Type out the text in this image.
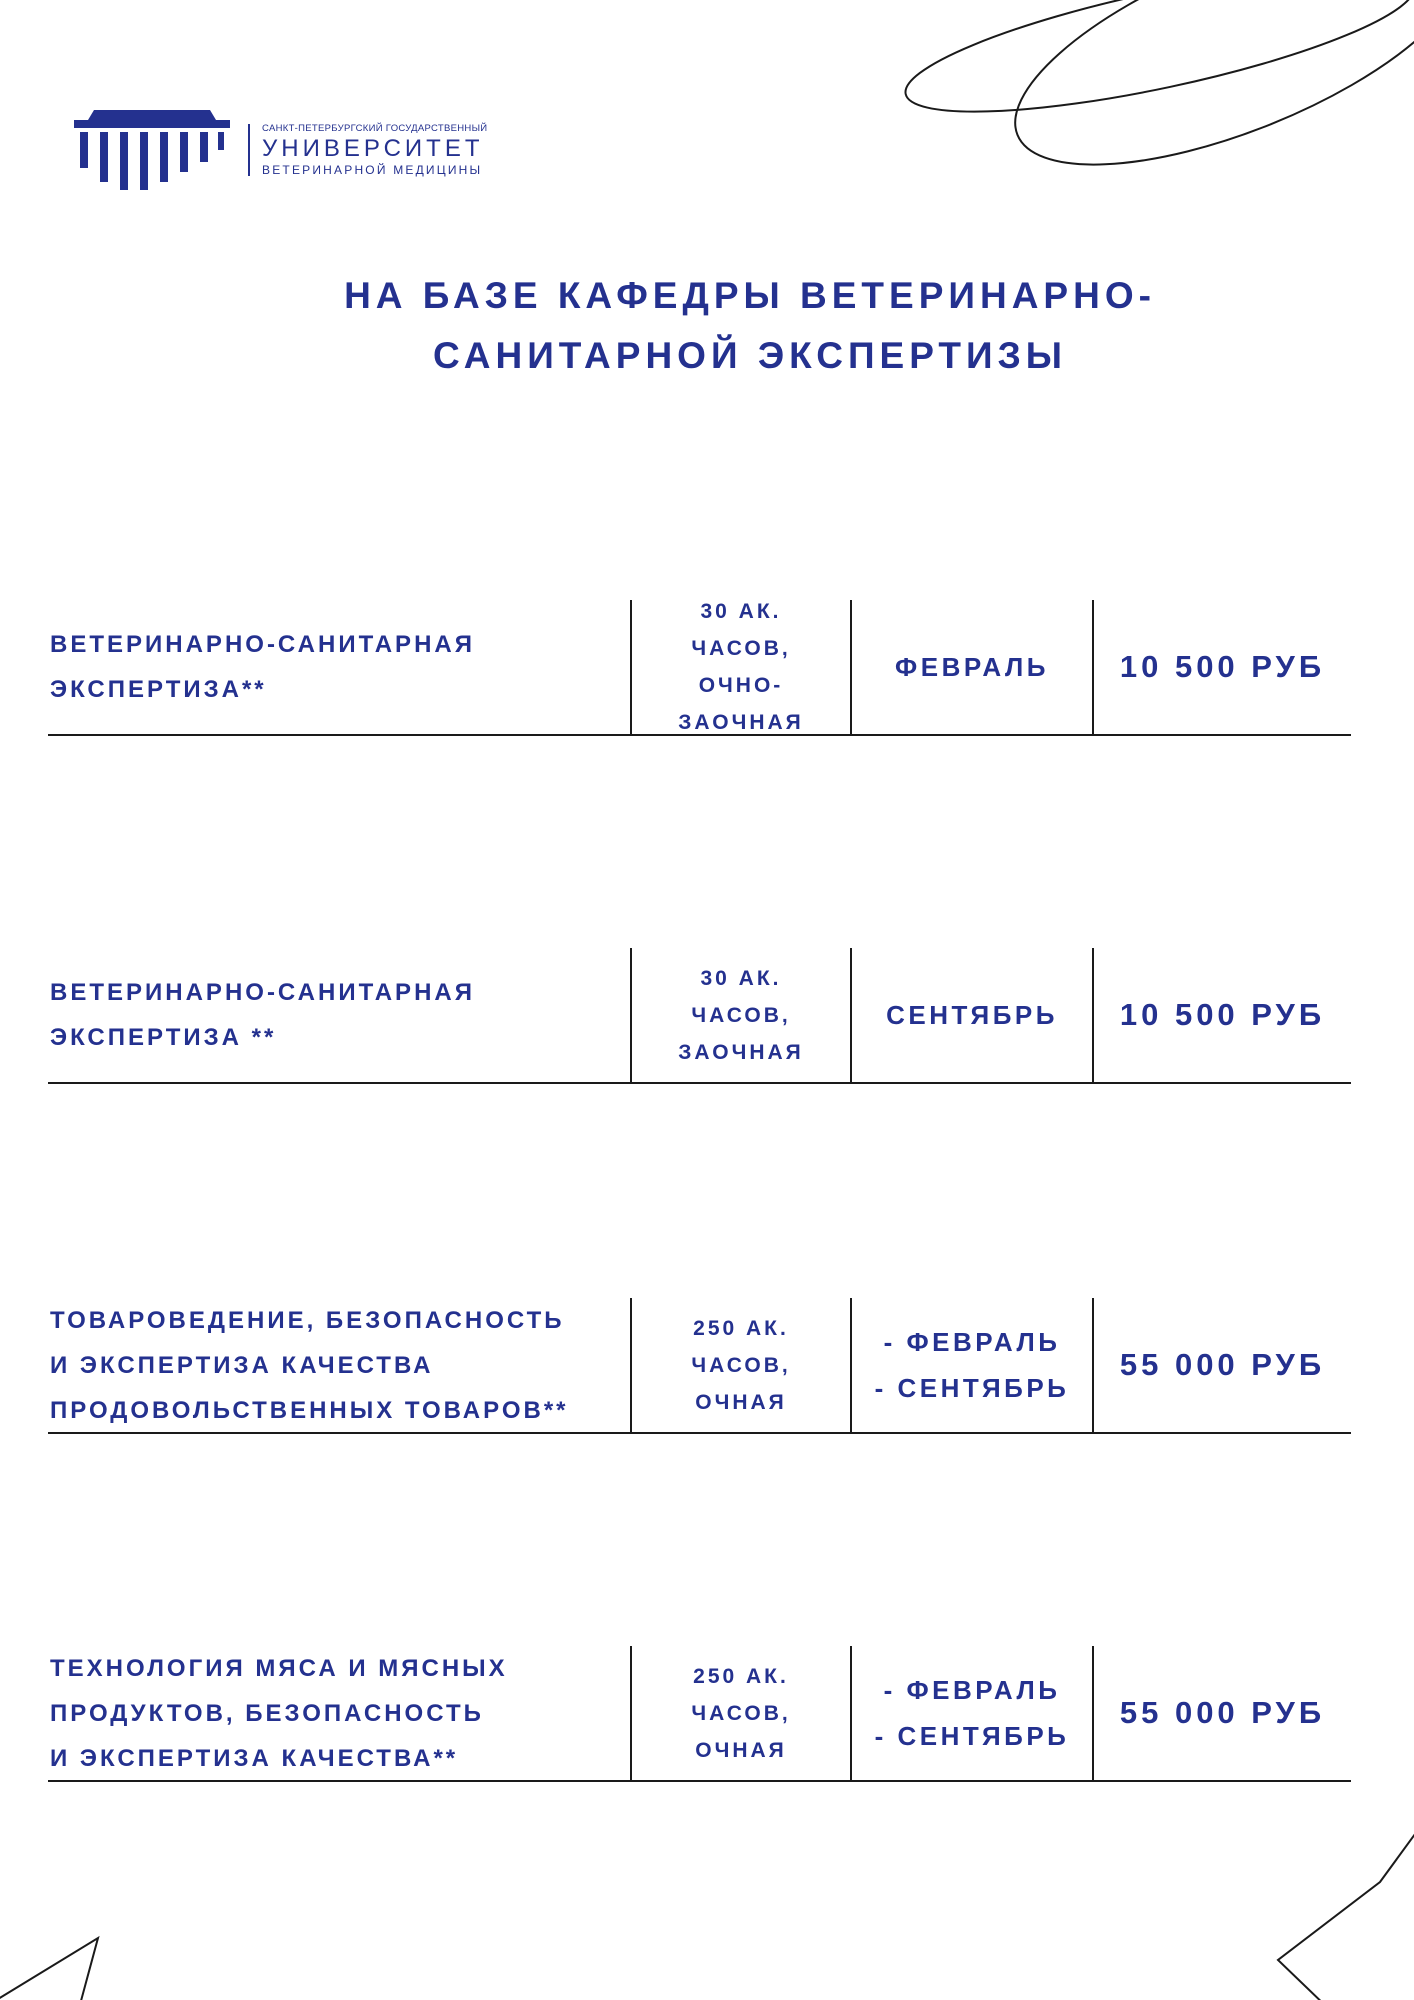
САНКТ-ПЕТЕРБУРГСКИЙ ГОСУДАРСТВЕННЫЙ
УНИВЕРСИТЕТ
ВЕТЕРИНАРНОЙ МЕДИЦИНЫ
НА БАЗЕ КАФЕДРЫ ВЕТЕРИНАРНО-
САНИТАРНОЙ ЭКСПЕРТИЗЫ
ВЕТЕРИНАРНО-САНИТАРНАЯ
ЭКСПЕРТИЗА**
30 АК.
ЧАСОВ,
ОЧНО-
ЗАОЧНАЯ
ФЕВРАЛЬ 10 500 РУБ
ВЕТЕРИНАРНО-САНИТАРНАЯ
ЭКСПЕРТИЗА **
30 АК.
ЧАСОВ,
ЗАОЧНАЯ
СЕНТЯБРЬ 10 500 РУБ
ТОВАРОВЕДЕНИЕ, БЕЗОПАСНОСТЬ
И ЭКСПЕРТИЗА КАЧЕСТВА
ПРОДОВОЛЬСТВЕННЫХ ТОВАРОВ**
250 АК.
ЧАСОВ,
ОЧНАЯ
- ФЕВРАЛЬ
- СЕНТЯБРЬ
55 000 РУБ
ТЕХНОЛОГИЯ МЯСА И МЯСНЫХ
ПРОДУКТОВ, БЕЗОПАСНОСТЬ
И ЭКСПЕРТИЗА КАЧЕСТВА**
250 АК.
ЧАСОВ,
ОЧНАЯ
- ФЕВРАЛЬ
- СЕНТЯБРЬ
55 000 РУБ
